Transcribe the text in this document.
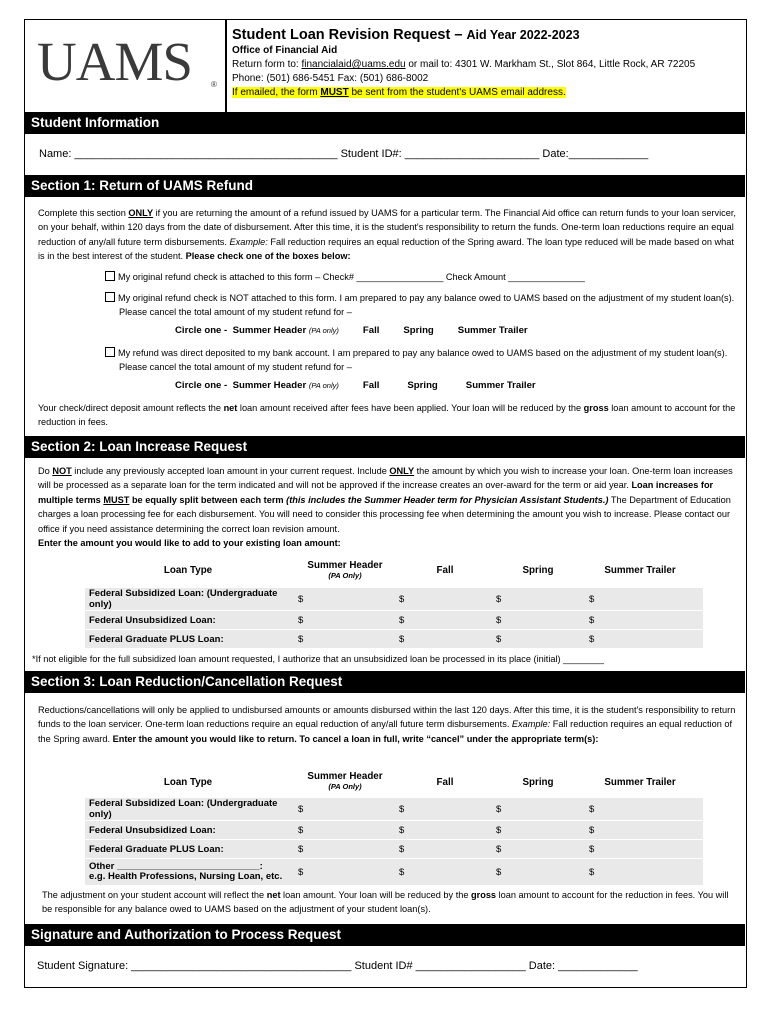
UAMS ®
Student Loan Revision Request – Aid Year 2022-2023
Office of Financial Aid
Return form to: financialaid@uams.edu or mail to: 4301 W. Markham St., Slot 864, Little Rock, AR 72205
Phone: (501) 686-5451 Fax: (501) 686-8002
If emailed, the form MUST be sent from the student's UAMS email address.
Student Information
Name: ___________________________________________ Student ID#: ______________________ Date:_____________
Section 1: Return of UAMS Refund
Complete this section ONLY if you are returning the amount of a refund issued by UAMS for a particular term. The Financial Aid office can return funds to your loan servicer, on your behalf, within 120 days from the date of disbursement. After this time, it is the student's responsibility to return the funds. One-term loan reductions require an equal reduction of any/all future term disbursements. Example: Fall reduction requires an equal reduction of the Spring award. The loan type reduced will be made based on what is in the best interest of the student. Please check one of the boxes below:
My original refund check is attached to this form – Check# _________________ Check Amount _______________
My original refund check is NOT attached to this form. I am prepared to pay any balance owed to UAMS based on the adjustment of my student loan(s). Please cancel the total amount of my student refund for –
Circle one - Summer Header (PA only)	Fall	Spring	Summer Trailer
My refund was direct deposited to my bank account. I am prepared to pay any balance owed to UAMS based on the adjustment of my student loan(s). Please cancel the total amount of my student refund for –
Circle one - Summer Header (PA only)	Fall	Spring	Summer Trailer
Your check/direct deposit amount reflects the net loan amount received after fees have been applied. Your loan will be reduced by the gross loan amount to account for the reduction in fees.
Section 2: Loan Increase Request
Do NOT include any previously accepted loan amount in your current request. Include ONLY the amount by which you wish to increase your loan. One-term loan increases will be processed as a separate loan for the term indicated and will not be approved if the increase creates an over-award for the term or aid year. Loan increases for multiple terms MUST be equally split between each term (this includes the Summer Header term for Physician Assistant Students.) The Department of Education charges a loan processing fee for each disbursement. You will need to consider this processing fee when determining the amount you wish to increase. Please contact our office if you need assistance determining the correct loan revision amount.
Enter the amount you would like to add to your existing loan amount:
Loan Type	Summer Header
(PA Only)	Fall	Spring	Summer Trailer
Federal Subsidized Loan: (Undergraduate only)	$	$	$	$
Federal Unsubsidized Loan:	$	$	$	$
Federal Graduate PLUS Loan:	$	$	$	$
*If not eligible for the full subsidized loan amount requested, I authorize that an unsubsidized loan be processed in its place (initial) ________
Section 3: Loan Reduction/Cancellation Request
Reductions/cancellations will only be applied to undisbursed amounts or amounts disbursed within the last 120 days. After this time, it is the student's responsibility to return funds to the loan servicer. One-term loan reductions require an equal reduction of any/all future term disbursements. Example: Fall reduction requires an equal reduction of the Spring award. Enter the amount you would like to return. To cancel a loan in full, write “cancel” under the appropriate term(s):
Loan Type
Summer Header
(PA Only)	Fall	Spring	Summer Trailer
Federal Subsidized Loan: (Undergraduate only)	$	$	$	$
Federal Unsubsidized Loan:	$	$	$	$
Federal Graduate PLUS Loan:	$	$	$	$
Other ___________________________:
e.g. Health Professions, Nursing Loan, etc.	$	$	$	$
The adjustment on your student account will reflect the net loan amount. Your loan will be reduced by the gross loan amount to account for the reduction in fees. You will be responsible for any balance owed to UAMS based on the adjustment of your student loan(s).
Signature and Authorization to Process Request
Student Signature: ____________________________________ Student ID# __________________ Date: _____________
